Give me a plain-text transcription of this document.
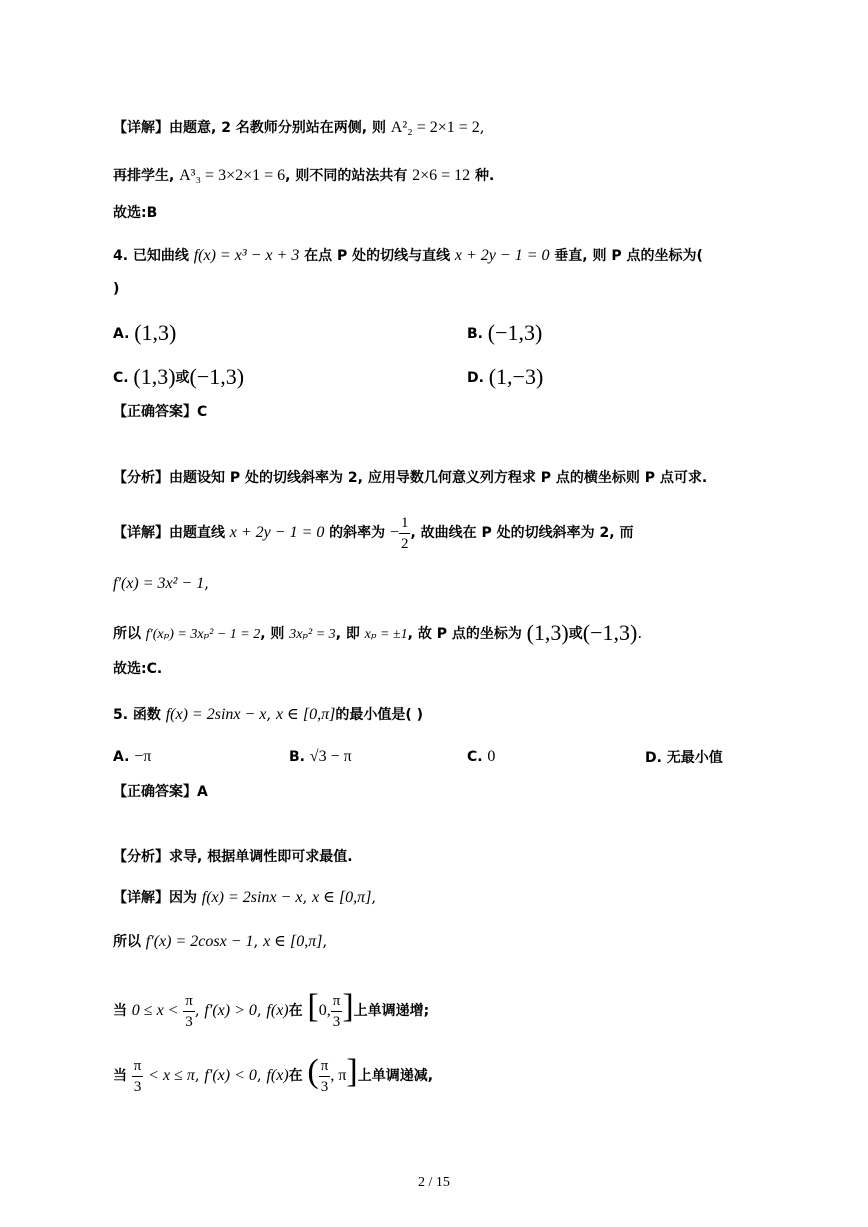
【详解】由题意, 2 名教师分别站在两侧, 则 A²₂ = 2×1 = 2,
再排学生, A³₃ = 3×2×1 = 6, 则不同的站法共有 2×6 = 12 种.
故选:B
4. 已知曲线 f(x) = x³ − x + 3 在点 P 处的切线与直线 x + 2y − 1 = 0 垂直, 则 P 点的坐标为(
)
A. (1,3)	B. (−1,3)
C. (1,3)或(−1,3)	D. (1,−3)
【正确答案】C
【分析】由题设知 P 处的切线斜率为 2, 应用导数几何意义列方程求 P 点的横坐标则 P 点可求.
【详解】由题直线 x + 2y − 1 = 0 的斜率为 − $\frac{1}{2}$ , 故曲线在 P 处的切线斜率为 2, 而
f′(x) = 3x² − 1,
所以 f′(xₚ) = 3xₚ² − 1 = 2, 则 3xₚ² = 3, 即 xₚ = ±1, 故 P 点的坐标为 (1,3)或(−1,3).
故选:C.
5. 函数 f(x) = 2sinx − x, x ∈ [0,π]的最小值是( )
A. −π	B. √3 − π	C. 0	D. 无最小值
【正确答案】A
【分析】求导, 根据单调性即可求最值.
【详解】因为 f(x) = 2sinx − x, x ∈ [0,π],
所以 f′(x) = 2cosx − 1, x ∈ [0,π],
当 $0 \le x < \frac{\pi}{3}$ , f′(x) > 0, f(x)在 [0, $\frac{\pi}{3}$ ]上单调递增;
当 $\frac{\pi}{3} < x \le \pi$, f′(x) < 0, f(x)在 ( $\frac{\pi}{3}$ , π]上单调递减,
2 / 15
